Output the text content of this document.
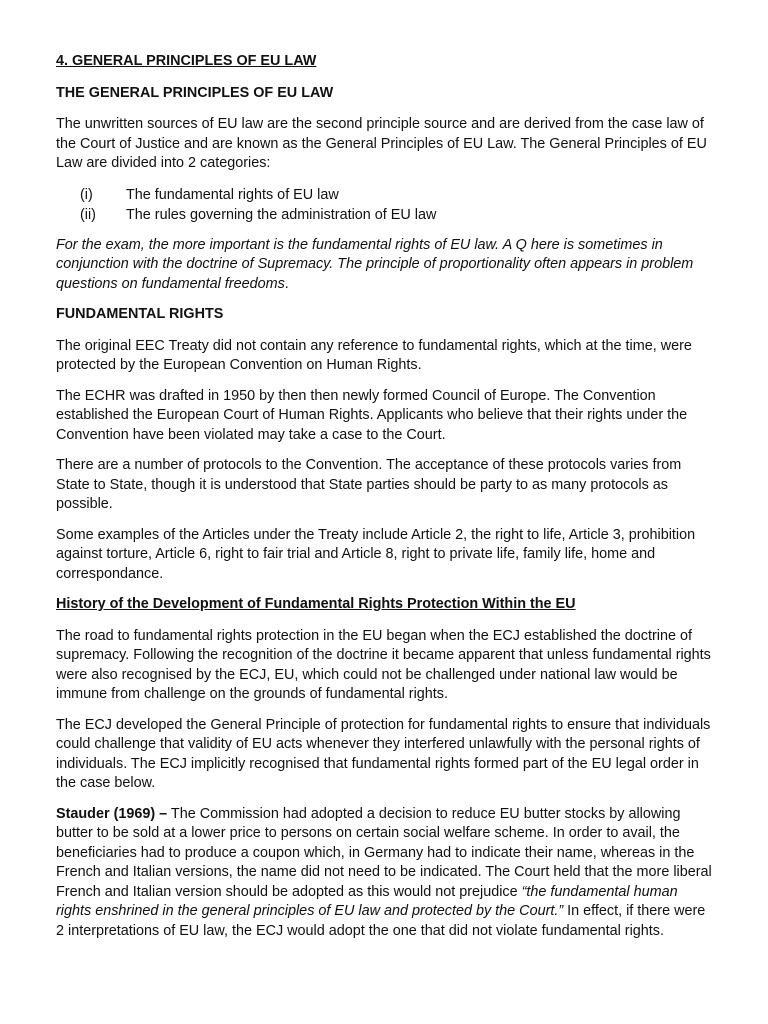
4. GENERAL PRINCIPLES OF EU LAW
THE GENERAL PRINCIPLES OF EU LAW

The unwritten sources of EU law are the second principle source and are derived from the case law of the Court of Justice and are known as the General Principles of EU Law. The General Principles of EU Law are divided into 2 categories:

(i)	The fundamental rights of EU law
(ii)	The rules governing the administration of EU law

For the exam, the more important is the fundamental rights of EU law. A Q here is sometimes in conjunction with the doctrine of Supremacy. The principle of proportionality often appears in problem questions on fundamental freedoms.

FUNDAMENTAL RIGHTS

The original EEC Treaty did not contain any reference to fundamental rights, which at the time, were protected by the European Convention on Human Rights.

The ECHR was drafted in 1950 by then then newly formed Council of Europe. The Convention established the European Court of Human Rights. Applicants who believe that their rights under the Convention have been violated may take a case to the Court.

There are a number of protocols to the Convention. The acceptance of these protocols varies from State to State, though it is understood that State parties should be party to as many protocols as possible.

Some examples of the Articles under the Treaty include Article 2, the right to life, Article 3, prohibition against torture, Article 6, right to fair trial and Article 8, right to private life, family life, home and correspondance.

History of the Development of Fundamental Rights Protection Within the EU

The road to fundamental rights protection in the EU began when the ECJ established the doctrine of supremacy. Following the recognition of the doctrine it became apparent that unless fundamental rights were also recognised by the ECJ, EU, which could not be challenged under national law would be immune from challenge on the grounds of fundamental rights.

The ECJ developed the General Principle of protection for fundamental rights to ensure that individuals could challenge that validity of EU acts whenever they interfered unlawfully with the personal rights of individuals. The ECJ implicitly recognised that fundamental rights formed part of the EU legal order in the case below.

Stauder (1969) – The Commission had adopted a decision to reduce EU butter stocks by allowing butter to be sold at a lower price to persons on certain social welfare scheme. In order to avail, the beneficiaries had to produce a coupon which, in Germany had to indicate their name, whereas in the French and Italian versions, the name did not need to be indicated. The Court held that the more liberal French and Italian version should be adopted as this would not prejudice “the fundamental human rights enshrined in the general principles of EU law and protected by the Court.” In effect, if there were 2 interpretations of EU law, the ECJ would adopt the one that did not violate fundamental rights.
